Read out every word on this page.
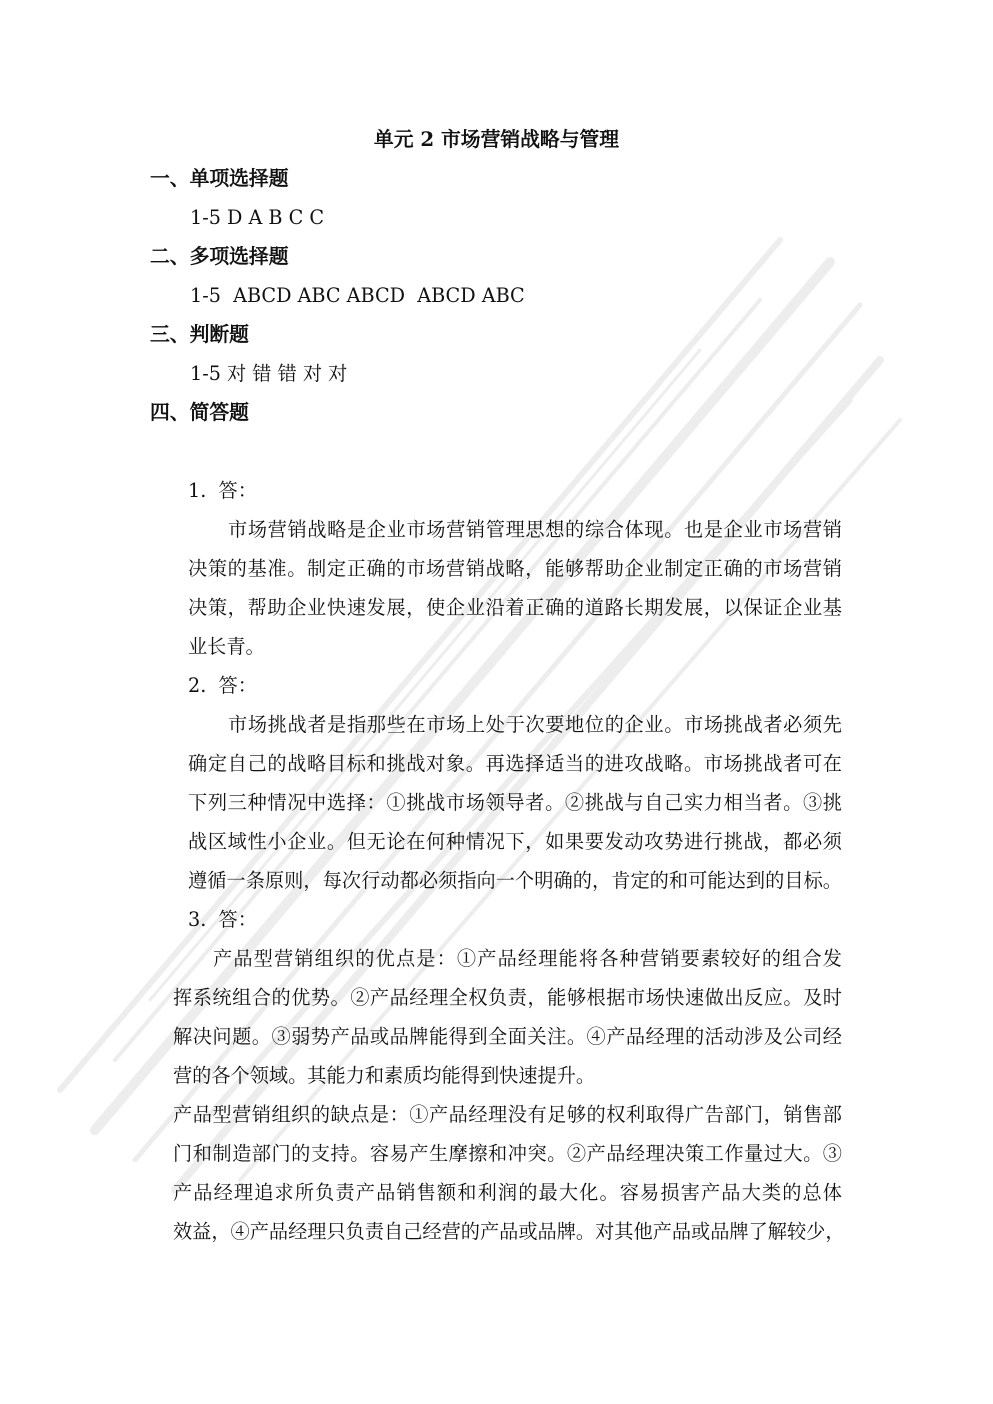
单元 2 市场营销战略与管理
一、单项选择题
1-5 D A B C C
二、多项选择题
1-5  ABCD ABC ABCD  ABCD ABC
三、判断题
1-5 对 错 错 对 对
四、简答题
1.  答：
市场营销战略是企业市场营销管理思想的综合体现。也是企业市场营销
决策的基准。制定正确的市场营销战略，能够帮助企业制定正确的市场营销
决策，帮助企业快速发展，使企业沿着正确的道路长期发展，以保证企业基
业长青。
2.  答：
市场挑战者是指那些在市场上处于次要地位的企业。市场挑战者必须先
确定自己的战略目标和挑战对象。再选择适当的进攻战略。市场挑战者可在
下列三种情况中选择：①挑战市场领导者。②挑战与自己实力相当者。③挑
战区域性小企业。但无论在何种情况下，如果要发动攻势进行挑战，都必须
遵循一条原则，每次行动都必须指向一个明确的，肯定的和可能达到的目标。
3.  答：
产品型营销组织的优点是：①产品经理能将各种营销要素较好的组合发
挥系统组合的优势。②产品经理全权负责，能够根据市场快速做出反应。及时
解决问题。③弱势产品或品牌能得到全面关注。④产品经理的活动涉及公司经
营的各个领域。其能力和素质均能得到快速提升。
产品型营销组织的缺点是：①产品经理没有足够的权利取得广告部门，销售部
门和制造部门的支持。容易产生摩擦和冲突。②产品经理决策工作量过大。③
产品经理追求所负责产品销售额和利润的最大化。容易损害产品大类的总体
效益，④产品经理只负责自己经营的产品或品牌。对其他产品或品牌了解较少，
